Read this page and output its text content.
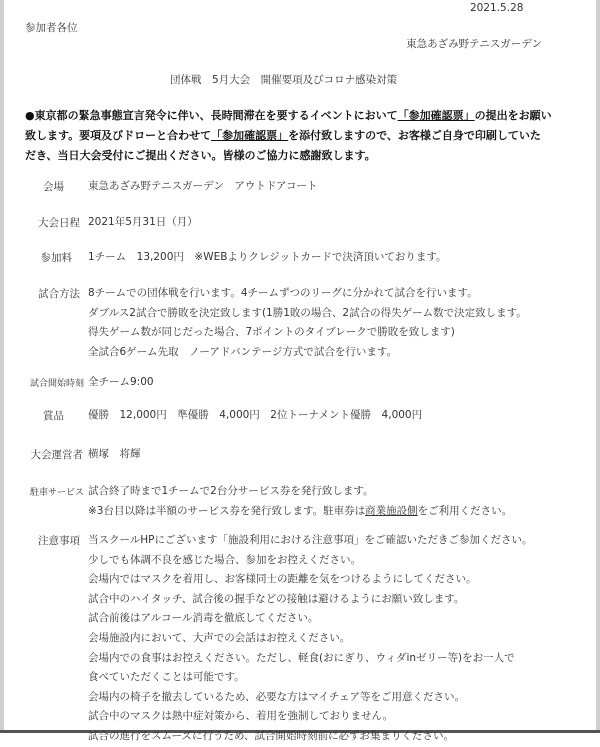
2021.5.28
参加者各位
東急あざみ野テニスガーデン
団体戦　5月大会　開催要項及びコロナ感染対策
●東京都の緊急事態宣言発令に伴い、長時間滞在を要するイベントにおいて「参加確認票」の提出をお願い
致します。要項及びドローと合わせて「参加確認票」を添付致しますので、お客様ご自身で印刷していた
だき、当日大会受付にご提出ください。皆様のご協力に感謝致します。
会場 東急あざみ野テニスガーデン　アウトドアコート
大会日程 2021年5月31日（月）
参加料 1チーム　13,200円　※WEBよりクレジットカードで決済頂いております。
試合方法 8チームでの団体戦を行います。4チームずつのリーグに分かれて試合を行います。
ダブルス2試合で勝敗を決定致します(1勝1敗の場合、2試合の得失ゲーム数で決定致します。
得失ゲーム数が同じだった場合、7ポイントのタイブレークで勝敗を致します)
全試合6ゲーム先取　ノーアドバンテージ方式で試合を行います。
試合開始時刻 全チーム9:00
賞品 優勝　12,000円　準優勝　4,000円　2位トーナメント優勝　4,000円
大会運営者 横塚　将輝
駐車サービス 試合終了時まで1チームで2台分サービス券を発行致します。
※3台目以降は半額のサービス券を発行致します。駐車券は商業施設側をご利用ください。
注意事項 当スクールHPにございます「施設利用における注意事項」をご確認いただきご参加ください。
少しでも体調不良を感じた場合、参加をお控えください。
会場内ではマスクを着用し、お客様同士の距離を気をつけるようにしてください。
試合中のハイタッチ、試合後の握手などの接触は避けるようにお願い致します。
試合前後はアルコール消毒を徹底してください。
会場施設内において、大声での会話はお控えください。
会場内での食事はお控えください。ただし、軽食(おにぎり、ウィダinゼリー等)をお一人で
食べていただくことは可能です。
会場内の椅子を撤去しているため、必要な方はマイチェア等をご用意ください。
試合中のマスクは熱中症対策から、着用を強制しておりません。
試合の進行をスムーズに行うため、試合開始時刻前に必ずお集まりください。
